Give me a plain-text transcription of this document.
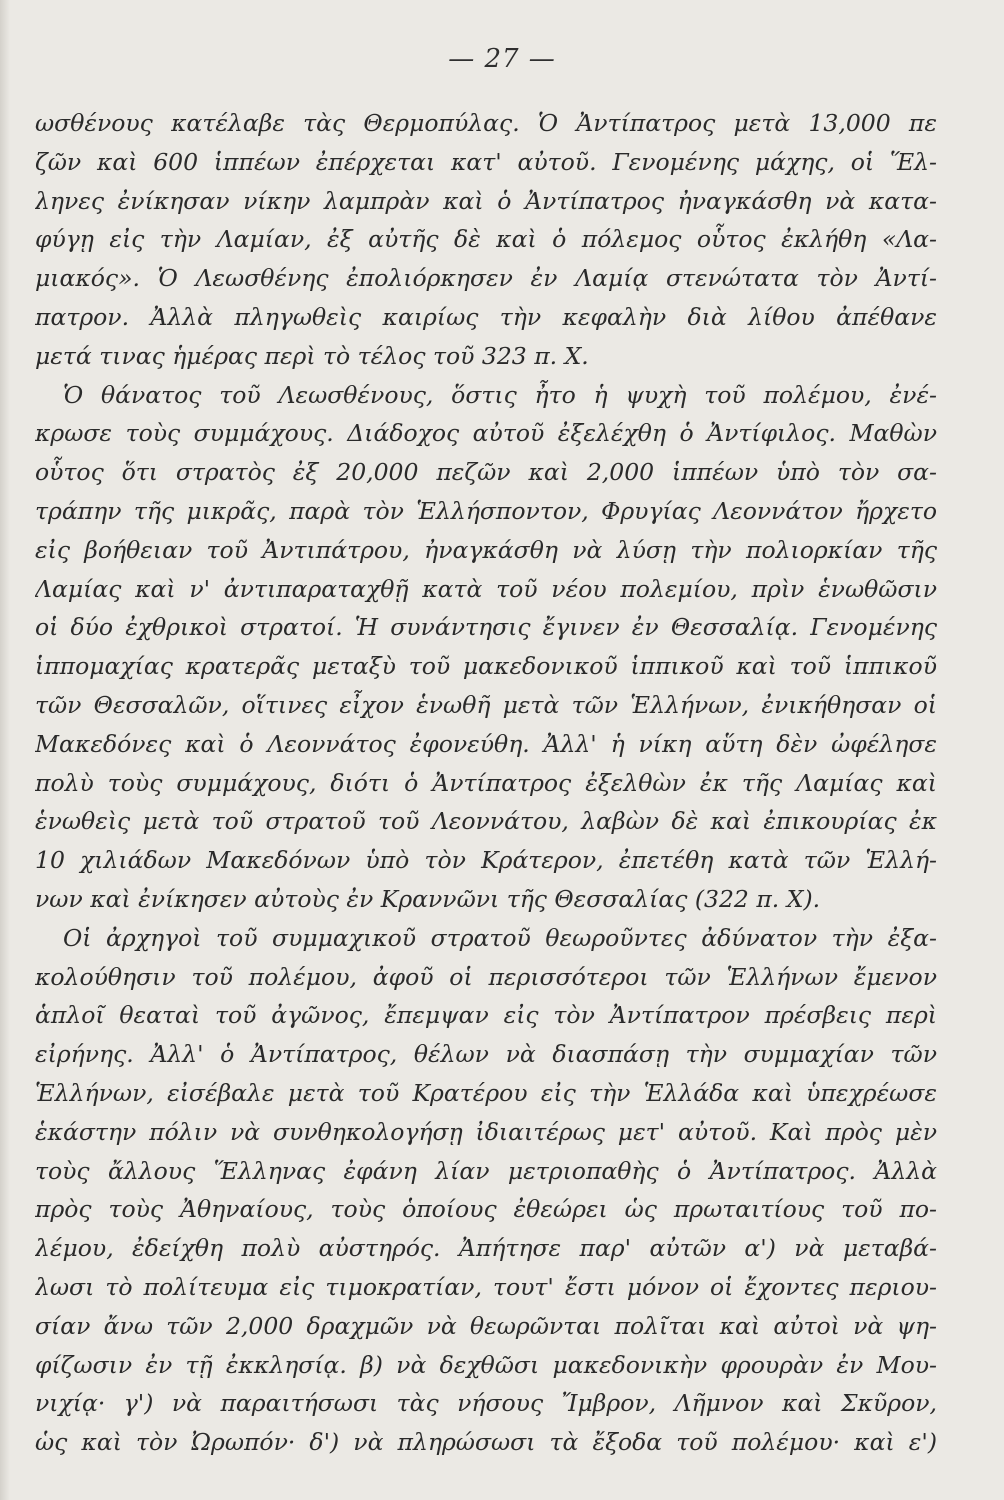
— 27 —
ωσθένους κατέλαβε τὰς Θερμοπύλας. Ὁ Ἀντίπατρος μετὰ 13,000 πε
ζῶν καὶ 600 ἱππέων ἐπέρχεται κατ' αὐτοῦ. Γενομένης μάχης, οἱ Ἕλ-
ληνες ἐνίκησαν νίκην λαμπρὰν καὶ ὁ Ἀντίπατρος ἠναγκάσθη νὰ κατα-
φύγῃ εἰς τὴν Λαμίαν, ἐξ αὐτῆς δὲ καὶ ὁ πόλεμος οὗτος ἐκλήθη «Λα-
μιακός». Ὁ Λεωσθένης ἐπολιόρκησεν ἐν Λαμίᾳ στενώτατα τὸν Ἀντί-
πατρον. Ἀλλὰ πληγωθεὶς καιρίως τὴν κεφαλὴν διὰ λίθου ἀπέθανε
μετά τινας ἡμέρας περὶ τὸ τέλος τοῦ 323 π. Χ.
Ὁ θάνατος τοῦ Λεωσθένους, ὅστις ἦτο ἡ ψυχὴ τοῦ πολέμου, ἐνέ-
κρωσε τοὺς συμμάχους. Διάδοχος αὐτοῦ ἐξελέχθη ὁ Ἀντίφιλος. Μαθὼν
οὗτος ὅτι στρατὸς ἐξ 20,000 πεζῶν καὶ 2,000 ἱππέων ὑπὸ τὸν σα-
τράπην τῆς μικρᾶς, παρὰ τὸν Ἑλλήσποντον, Φρυγίας Λεοννάτον ἤρχετο
εἰς βοήθειαν τοῦ Ἀντιπάτρου, ἠναγκάσθη νὰ λύσῃ τὴν πολιορκίαν τῆς
Λαμίας καὶ ν' ἀντιπαραταχθῇ κατὰ τοῦ νέου πολεμίου, πρὶν ἑνωθῶσιν
οἱ δύο ἐχθρικοὶ στρατοί. Ἡ συνάντησις ἔγινεν ἐν Θεσσαλίᾳ. Γενομένης
ἱππομαχίας κρατερᾶς μεταξὺ τοῦ μακεδονικοῦ ἱππικοῦ καὶ τοῦ ἱππικοῦ
τῶν Θεσσαλῶν, οἵτινες εἶχον ἑνωθῆ μετὰ τῶν Ἑλλήνων, ἐνικήθησαν οἱ
Μακεδόνες καὶ ὁ Λεοννάτος ἐφονεύθη. Ἀλλ' ἡ νίκη αὕτη δὲν ὠφέλησε
πολὺ τοὺς συμμάχους, διότι ὁ Ἀντίπατρος ἐξελθὼν ἐκ τῆς Λαμίας καὶ
ἑνωθεὶς μετὰ τοῦ στρατοῦ τοῦ Λεοννάτου, λαβὼν δὲ καὶ ἐπικουρίας ἐκ
10 χιλιάδων Μακεδόνων ὑπὸ τὸν Κράτερον, ἐπετέθη κατὰ τῶν Ἑλλή-
νων καὶ ἐνίκησεν αὐτοὺς ἐν Κραννῶνι τῆς Θεσσαλίας (322 π. Χ).
Οἱ ἀρχηγοὶ τοῦ συμμαχικοῦ στρατοῦ θεωροῦντες ἀδύνατον τὴν ἐξα-
κολούθησιν τοῦ πολέμου, ἀφοῦ οἱ περισσότεροι τῶν Ἑλλήνων ἔμενον
ἁπλοῖ θεαταὶ τοῦ ἀγῶνος, ἔπεμψαν εἰς τὸν Ἀντίπατρον πρέσβεις περὶ
εἰρήνης. Ἀλλ' ὁ Ἀντίπατρος, θέλων νὰ διασπάσῃ τὴν συμμαχίαν τῶν
Ἑλλήνων, εἰσέβαλε μετὰ τοῦ Κρατέρου εἰς τὴν Ἑλλάδα καὶ ὑπεχρέωσε
ἑκάστην πόλιν νὰ συνθηκολογήσῃ ἰδιαιτέρως μετ' αὐτοῦ. Καὶ πρὸς μὲν
τοὺς ἄλλους Ἕλληνας ἐφάνη λίαν μετριοπαθὴς ὁ Ἀντίπατρος. Ἀλλὰ
πρὸς τοὺς Ἀθηναίους, τοὺς ὁποίους ἐθεώρει ὡς πρωταιτίους τοῦ πο-
λέμου, ἐδείχθη πολὺ αὐστηρός. Ἀπήτησε παρ' αὐτῶν α') νὰ μεταβά-
λωσι τὸ πολίτευμα εἰς τιμοκρατίαν, τουτ' ἔστι μόνον οἱ ἔχοντες περιου-
σίαν ἄνω τῶν 2,000 δραχμῶν νὰ θεωρῶνται πολῖται καὶ αὐτοὶ νὰ ψη-
φίζωσιν ἐν τῇ ἐκκλησίᾳ. β) νὰ δεχθῶσι μακεδονικὴν φρουρὰν ἐν Μου-
νιχίᾳ· γ') νὰ παραιτήσωσι τὰς νήσους Ἴμβρον, Λῆμνον καὶ Σκῦρον,
ὡς καὶ τὸν Ὠρωπόν· δ') νὰ πληρώσωσι τὰ ἔξοδα τοῦ πολέμου· καὶ ε')
